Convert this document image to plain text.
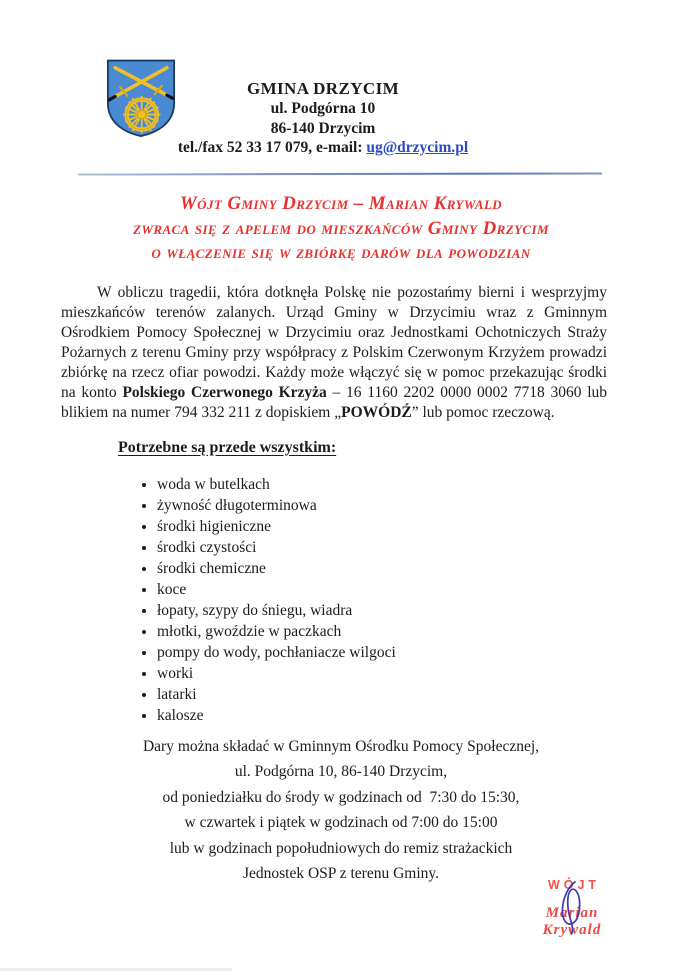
GMINA DRZYCIM
ul. Podgórna 10
86-140 Drzycim
tel./fax 52 33 17 079, e-mail: ug@drzycim.pl
Wójt Gminy Drzycim – Marian Krywald
zwraca się z apelem do mieszkańców Gminy Drzycim
o włączenie się w zbiórkę darów dla powodzian

W obliczu tragedii, która dotknęła Polskę nie pozostańmy bierni i wesprzyjmy mieszkańców terenów zalanych. Urząd Gminy w Drzycimiu wraz z Gminnym Ośrodkiem Pomocy Społecznej w Drzycimiu oraz Jednostkami Ochotniczych Straży Pożarnych z terenu Gminy przy współpracy z Polskim Czerwonym Krzyżem prowadzi zbiórkę na rzecz ofiar powodzi. Każdy może włączyć się w pomoc przekazując środki na konto Polskiego Czerwonego Krzyża – 16 1160 2202 0000 0002 7718 3060 lub blikiem na numer 794 332 211 z dopiskiem „POWÓDŹ” lub pomoc rzeczową.

Potrzebne są przede wszystkim:
• woda w butelkach
• żywność długoterminowa
• środki higieniczne
• środki czystości
• środki chemiczne
• koce
• łopaty, szypy do śniegu, wiadra
• młotki, gwoździe w paczkach
• pompy do wody, pochłaniacze wilgoci
• worki
• latarki
• kalosze
Dary można składać w Gminnym Ośrodku Pomocy Społecznej,
ul. Podgórna 10, 86-140 Drzycim,
od poniedziałku do środy w godzinach od  7:30 do 15:30,
w czwartek i piątek w godzinach od 7:00 do 15:00
lub w godzinach popołudniowych do remiz strażackich
Jednostek OSP z terenu Gminy.
WÓJT
Marian Krywald
